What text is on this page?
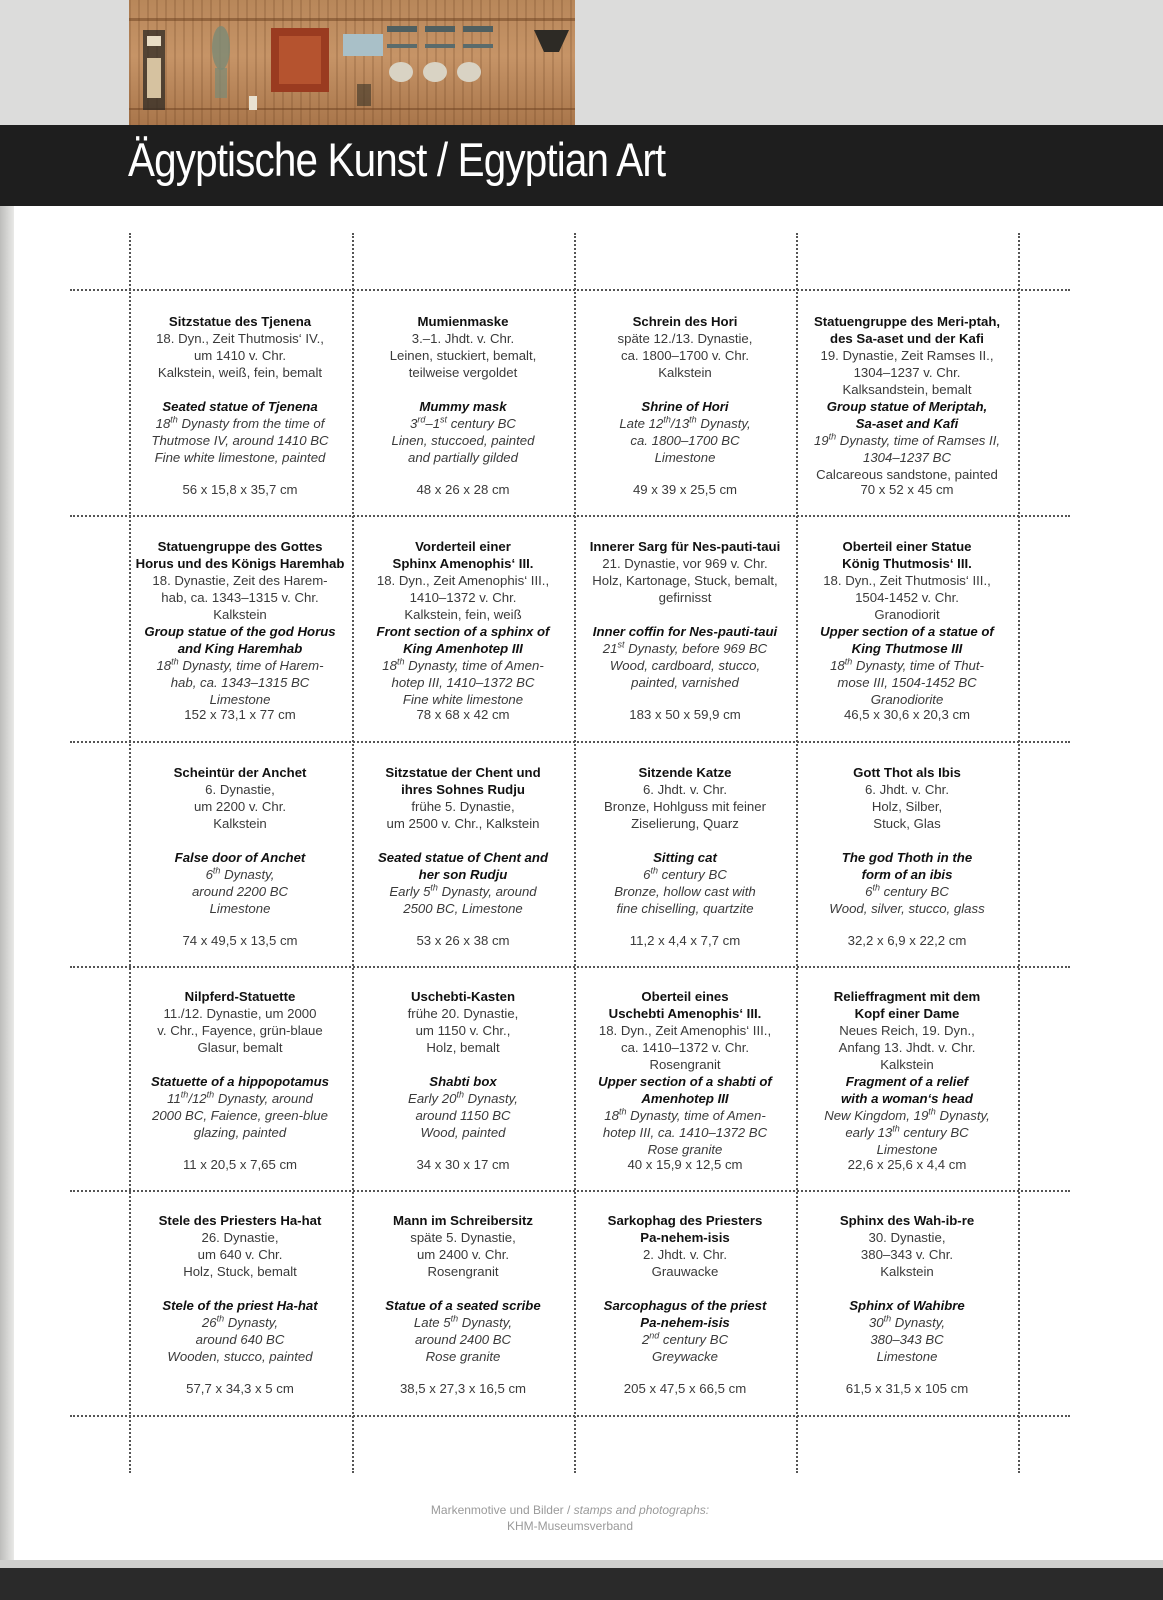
Ägyptische Kunst / Egyptian Art
Sitzstatue des Tjenena
18. Dyn., Zeit Thutmosis‘ IV.,
um 1410 v. Chr.
Kalkstein, weiß, fein, bemalt
Seated statue of Tjenena
18th Dynasty from the time of
Thutmose IV, around 1410 BC
Fine white limestone, painted
56 x 15,8 x 35,7 cm
Mumienmaske
3.–1. Jhdt. v. Chr.
Leinen, stuckiert, bemalt,
teilweise vergoldet
Mummy mask
3rd–1st century BC
Linen, stuccoed, painted
and partially gilded
48 x 26 x 28 cm
Schrein des Hori
späte 12./13. Dynastie,
ca. 1800–1700 v. Chr.
Kalkstein
Shrine of Hori
Late 12th/13th Dynasty,
ca. 1800–1700 BC
Limestone
49 x 39 x 25,5 cm
Statuengruppe des Meri-ptah,
des Sa-aset und der Kafi
19. Dynastie, Zeit Ramses II.,
1304–1237 v. Chr.
Kalksandstein, bemalt
Group statue of Meriptah,
Sa-aset and Kafi
19th Dynasty, time of Ramses II,
1304–1237 BC
Calcareous sandstone, painted
70 x 52 x 45 cm
Statuengruppe des Gottes
Horus und des Königs Haremhab
18. Dynastie, Zeit des Harem-
hab, ca. 1343–1315 v. Chr.
Kalkstein
Group statue of the god Horus
and King Haremhab
18th Dynasty, time of Harem-
hab, ca. 1343–1315 BC
Limestone
152 x 73,1 x 77 cm
Vorderteil einer
Sphinx Amenophis‘ III.
18. Dyn., Zeit Amenophis‘ III.,
1410–1372 v. Chr.
Kalkstein, fein, weiß
Front section of a sphinx of
King Amenhotep III
18th Dynasty, time of Amen-
hotep III, 1410–1372 BC
Fine white limestone
78 x 68 x 42 cm
Innerer Sarg für Nes-pauti-taui
21. Dynastie, vor 969 v. Chr.
Holz, Kartonage, Stuck, bemalt,
gefirnisst
Inner coffin for Nes-pauti-taui
21st Dynasty, before 969 BC
Wood, cardboard, stucco,
painted, varnished
183 x 50 x 59,9 cm
Oberteil einer Statue
König Thutmosis‘ III.
18. Dyn., Zeit Thutmosis‘ III.,
1504-1452 v. Chr.
Granodiorit
Upper section of a statue of
King Thutmose III
18th Dynasty, time of Thut-
mose III, 1504-1452 BC
Granodiorite
46,5 x 30,6 x 20,3 cm
Scheintür der Anchet
6. Dynastie,
um 2200 v. Chr.
Kalkstein
False door of Anchet
6th Dynasty,
around 2200 BC
Limestone
74 x 49,5 x 13,5 cm
Sitzstatue der Chent und
ihres Sohnes Rudju
frühe 5. Dynastie,
um 2500 v. Chr., Kalkstein
Seated statue of Chent and
her son Rudju
Early 5th Dynasty, around
2500 BC, Limestone
53 x 26 x 38 cm
Sitzende Katze
6. Jhdt. v. Chr.
Bronze, Hohlguss mit feiner
Ziselierung, Quarz
Sitting cat
6th century BC
Bronze, hollow cast with
fine chiselling, quartzite
11,2 x 4,4 x 7,7 cm
Gott Thot als Ibis
6. Jhdt. v. Chr.
Holz, Silber,
Stuck, Glas
The god Thoth in the
form of an ibis
6th century BC
Wood, silver, stucco, glass
32,2 x 6,9 x 22,2 cm
Nilpferd-Statuette
11./12. Dynastie, um 2000
v. Chr., Fayence, grün-blaue
Glasur, bemalt
Statuette of a hippopotamus
11th/12th Dynasty, around
2000 BC, Faience, green-blue
glazing, painted
11 x 20,5 x 7,65 cm
Uschebti-Kasten
frühe 20. Dynastie,
um 1150 v. Chr.,
Holz, bemalt
Shabti box
Early 20th Dynasty,
around 1150 BC
Wood, painted
34 x 30 x 17 cm
Oberteil eines
Uschebti Amenophis‘ III.
18. Dyn., Zeit Amenophis‘ III.,
ca. 1410–1372 v. Chr.
Rosengranit
Upper section of a shabti of
Amenhotep III
18th Dynasty, time of Amen-
hotep III, ca. 1410–1372 BC
Rose granite
40 x 15,9 x 12,5 cm
Relieffragment mit dem
Kopf einer Dame
Neues Reich, 19. Dyn.,
Anfang 13. Jhdt. v. Chr.
Kalkstein
Fragment of a relief
with a woman‘s head
New Kingdom, 19th Dynasty,
early 13th century BC
Limestone
22,6 x 25,6 x 4,4 cm
Stele des Priesters Ha-hat
26. Dynastie,
um 640 v. Chr.
Holz, Stuck, bemalt
Stele of the priest Ha-hat
26th Dynasty,
around 640 BC
Wooden, stucco, painted
57,7 x 34,3 x 5 cm
Mann im Schreibersitz
späte 5. Dynastie,
um 2400 v. Chr.
Rosengranit
Statue of a seated scribe
Late 5th Dynasty,
around 2400 BC
Rose granite
38,5 x 27,3 x 16,5 cm
Sarkophag des Priesters
Pa-nehem-isis
2. Jhdt. v. Chr.
Grauwacke
Sarcophagus of the priest
Pa-nehem-isis
2nd century BC
Greywacke
205 x 47,5 x 66,5 cm
Sphinx des Wah-ib-re
30. Dynastie,
380–343 v. Chr.
Kalkstein
Sphinx of Wahibre
30th Dynasty,
380–343 BC
Limestone
61,5 x 31,5 x 105 cm
Markenmotive und Bilder / stamps and photographs:
KHM-Museumsverband
